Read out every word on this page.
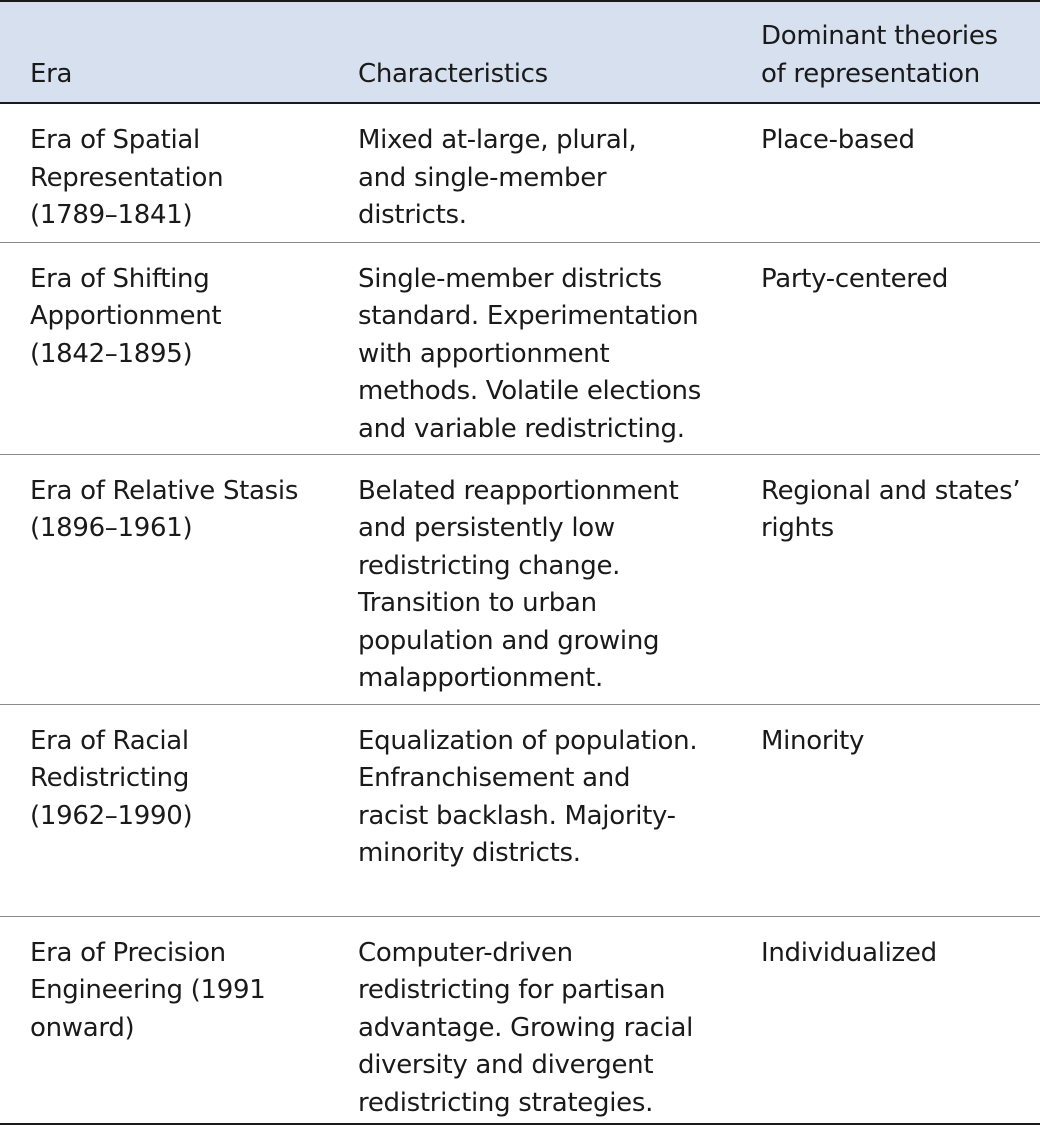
Era	Characteristics	Dominant theories of representation
Era of Spatial Representation (1789–1841)	Mixed at-large, plural, and single-member districts.	Place-based
Era of Shifting Apportionment (1842–1895)	Single-member districts standard. Experimentation with apportionment methods. Volatile elections and variable redistricting.	Party-centered
Era of Relative Stasis (1896–1961)	Belated reapportionment and persistently low redistricting change. Transition to urban population and growing malapportionment.	Regional and states’ rights
Era of Racial Redistricting (1962–1990)	Equalization of population. Enfranchisement and racist backlash. Majority-minority districts.	Minority
Era of Precision Engineering (1991 onward)	Computer-driven redistricting for partisan advantage. Growing racial diversity and divergent redistricting strategies.	Individualized
